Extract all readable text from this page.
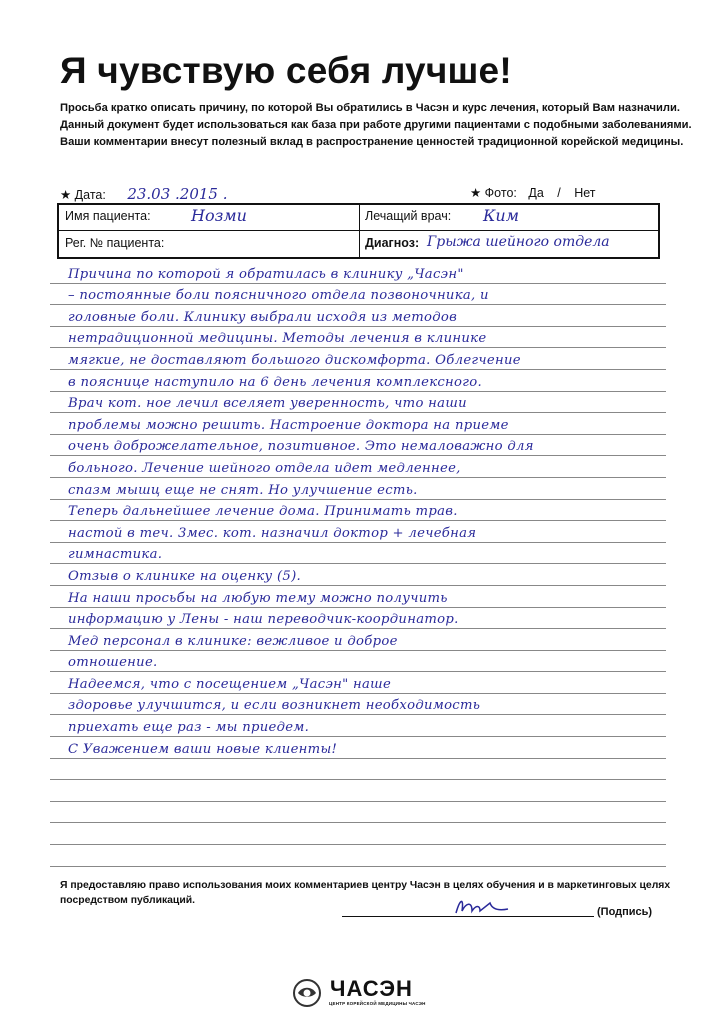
Я чувствую себя лучше!
Просьба кратко описать причину, по которой Вы обратились в Часэн и курс лечения, который Вам назначили.
Данный документ будет использоваться как база при работе другими пациентами с подобными заболеваниями.
Ваши комментарии внесут полезный вклад в распространение ценностей традиционной корейской медицины.
★ Дата: 23.03 .2015 .	★ Фото: Да / Нет
Имя пациента:	Нозми	Лечащий врач: Ким
Рег. № пациента:	Диагноз: Грыжа шейного отдела
Причина по которой я обратилась в клинику „Часэн"
– постоянные боли поясничного отдела позвоночника, и
головные боли. Клинику выбрали исходя из методов
нетрадиционной медицины. Методы лечения в клинике
мягкие, не доставляют большого дискомфорта. Облегчение
в пояснице наступило на 6 день лечения комплексного.
Врач кот. ное лечил вселяет уверенность, что наши
проблемы можно решить. Настроение доктора на приеме
очень доброжелательное, позитивное. Это немаловажно для
больного. Лечение шейного отдела идет медленнее,
спазм мышц еще не снят. Но улучшение есть.
Теперь дальнейшее лечение дома. Принимать трав.
настой в теч. 3мес. кот. назначил доктор + лечебная
гимнастика.
Отзыв о клинике на оценку (5).
На наши просьбы на любую тему можно получить
информацию у Лены - наш переводчик-координатор.
Мед персонал в клинике: вежливое и доброе
отношение.
Надеемся, что с посещением „Часэн" наше
здоровье улучшится, и если возникнет необходимость
приехать еще раз - мы приедем.
С Уважением ваши новые клиенты!
Я предоставляю право использования моих комментариев центру Часэн в целях обучения и в маркетинговых целях посредством публикаций.
(Подпись)
ЧАСЭН
ЦЕНТР КОРЕЙСКОЙ МЕДИЦИНЫ ЧАСЭН
